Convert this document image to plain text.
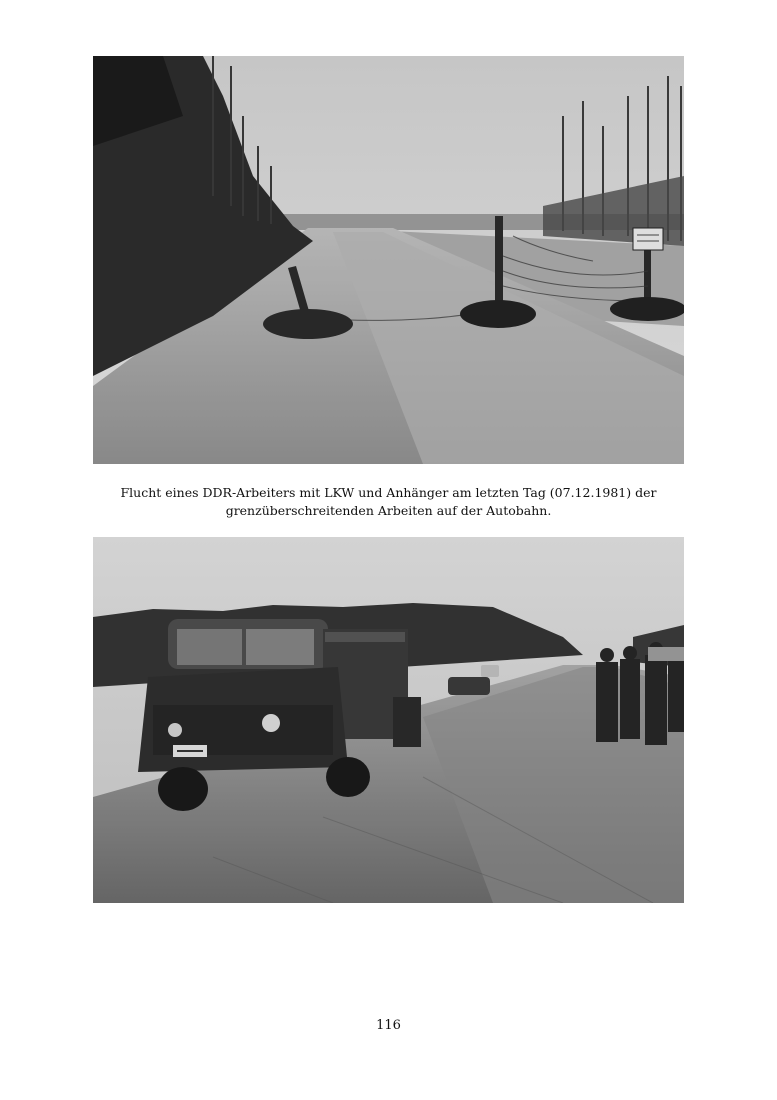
Flucht eines DDR-Arbeiters mit LKW und Anhänger am letzten Tag (07.12.1981) der
grenzüberschreitenden Arbeiten auf der Autobahn.
116
